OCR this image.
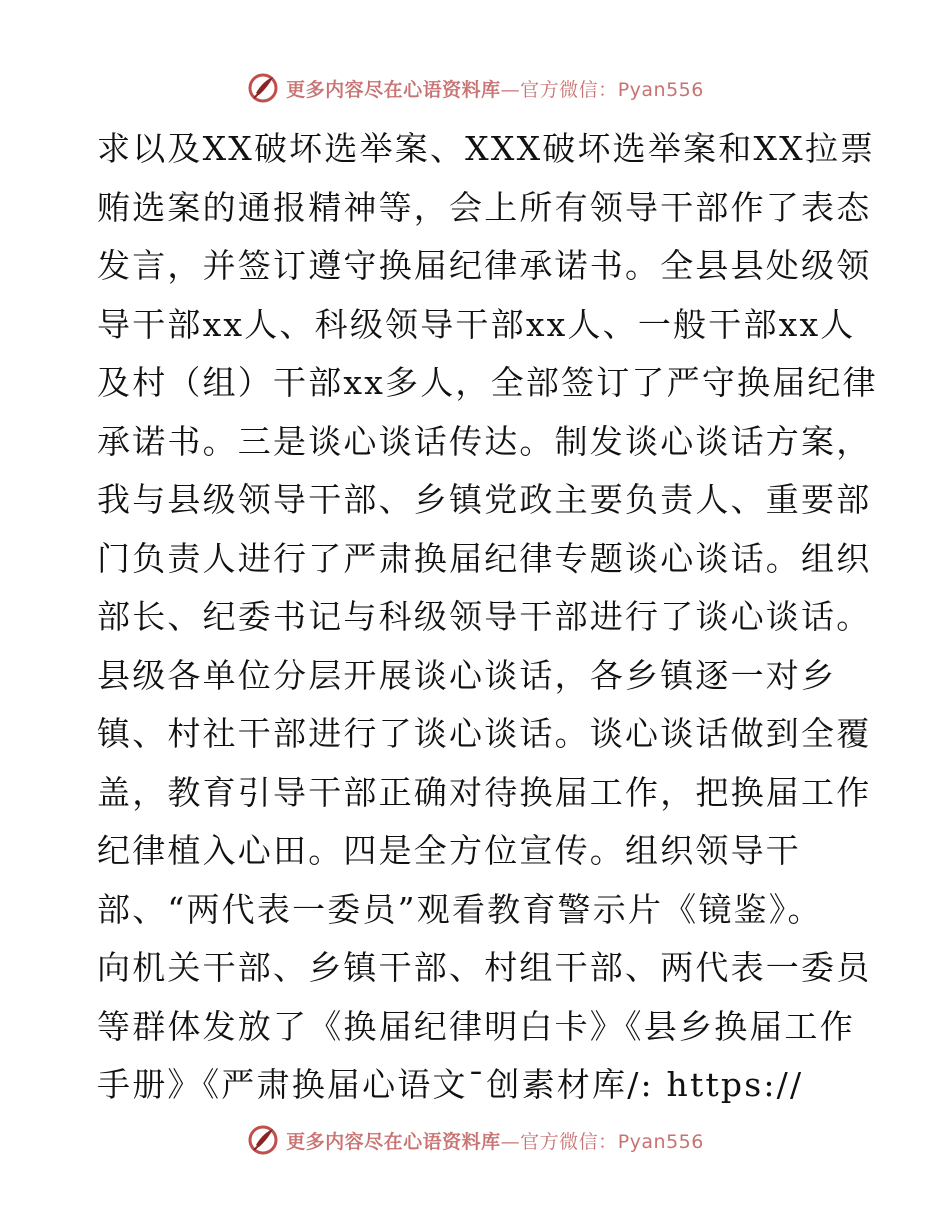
更多内容尽在心语资料库—官方微信：Pyan556
求以及XX破坏选举案、XXX破坏选举案和XX拉票
贿选案的通报精神等，会上所有领导干部作了表态
发言，并签订遵守换届纪律承诺书。全县县处级领
导干部xx人、科级领导干部xx人、一般干部xx人
及村（组）干部xx多人，全部签订了严守换届纪律
承诺书。三是谈心谈话传达。制发谈心谈话方案，
我与县级领导干部、乡镇党政主要负责人、重要部
门负责人进行了严肃换届纪律专题谈心谈话。组织
部长、纪委书记与科级领导干部进行了谈心谈话。
县级各单位分层开展谈心谈话，各乡镇逐一对乡
镇、村社干部进行了谈心谈话。谈心谈话做到全覆
盖，教育引导干部正确对待换届工作，把换届工作
纪律植入心田。四是全方位宣传。组织领导干
部、“两代表一委员”观看教育警示片《镜鉴》。
向机关干部、乡镇干部、村组干部、两代表一委员
等群体发放了《换届纪律明白卡》《县乡换届工作
手册》《严肃换届心语文¯创素材库/: https://
更多内容尽在心语资料库—官方微信：Pyan556
